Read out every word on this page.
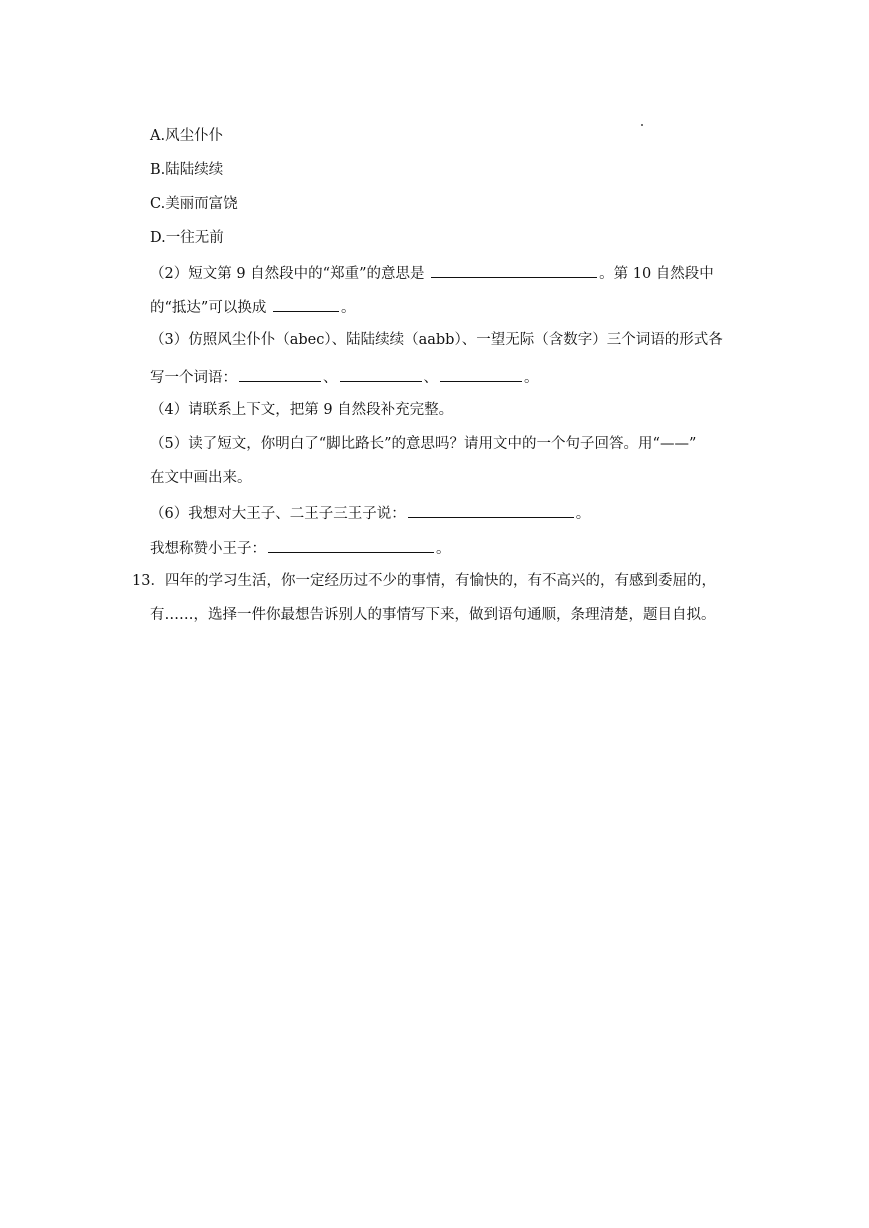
A.风尘仆仆
B.陆陆续续
C.美丽而富饶
D.一往无前
（2）短文第 9 自然段中的“郑重”的意思是	。第 10 自然段中
的“抵达”可以换成	。
（3）仿照风尘仆仆（abec）、陆陆续续（aabb）、一望无际（含数字）三个词语的形式各
写一个词语：	、	、	。
（4）请联系上下文，把第 9 自然段补充完整。
（5）读了短文，你明白了“脚比路长”的意思吗？请用文中的一个句子回答。用“——”
在文中画出来。
（6）我想对大王子、二王子三王子说：	。
我想称赞小王子：	。
13．四年的学习生活，你一定经历过不少的事情，有愉快的，有不高兴的，有感到委屈的，
有……，选择一件你最想告诉别人的事情写下来，做到语句通顺，条理清楚，题目自拟。
